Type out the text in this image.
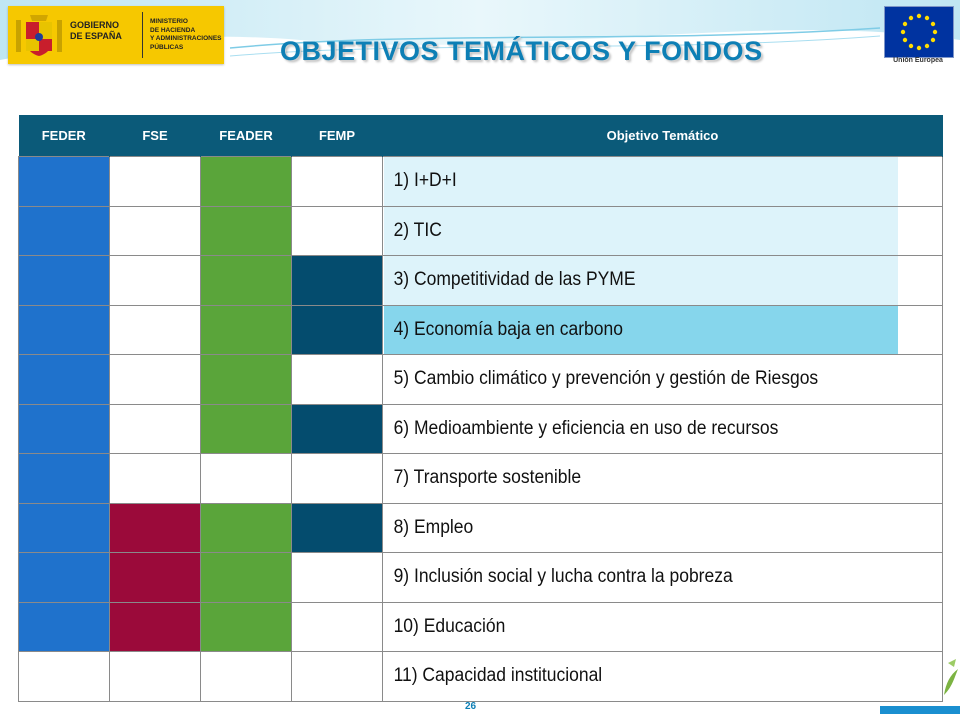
GOBIERNO
DE ESPAÑA
MINISTERIO
DE HACIENDA
Y ADMINISTRACIONES
PÚBLICAS	OBJETIVOS TEMÁTICOS Y FONDOS	Unión Europea
FEDER	FSE	FEADER	FEMP	Objetivo Temático
				1) I+D+I
				2) TIC
				3) Competitividad de las PYME
				4) Economía baja en carbono
				5) Cambio climático y prevención y gestión de Riesgos
				6) Medioambiente y eficiencia en uso de recursos
				7) Transporte sostenible
				8) Empleo
				9) Inclusión social y lucha contra la pobreza
				10) Educación
				11) Capacidad institucional
26
